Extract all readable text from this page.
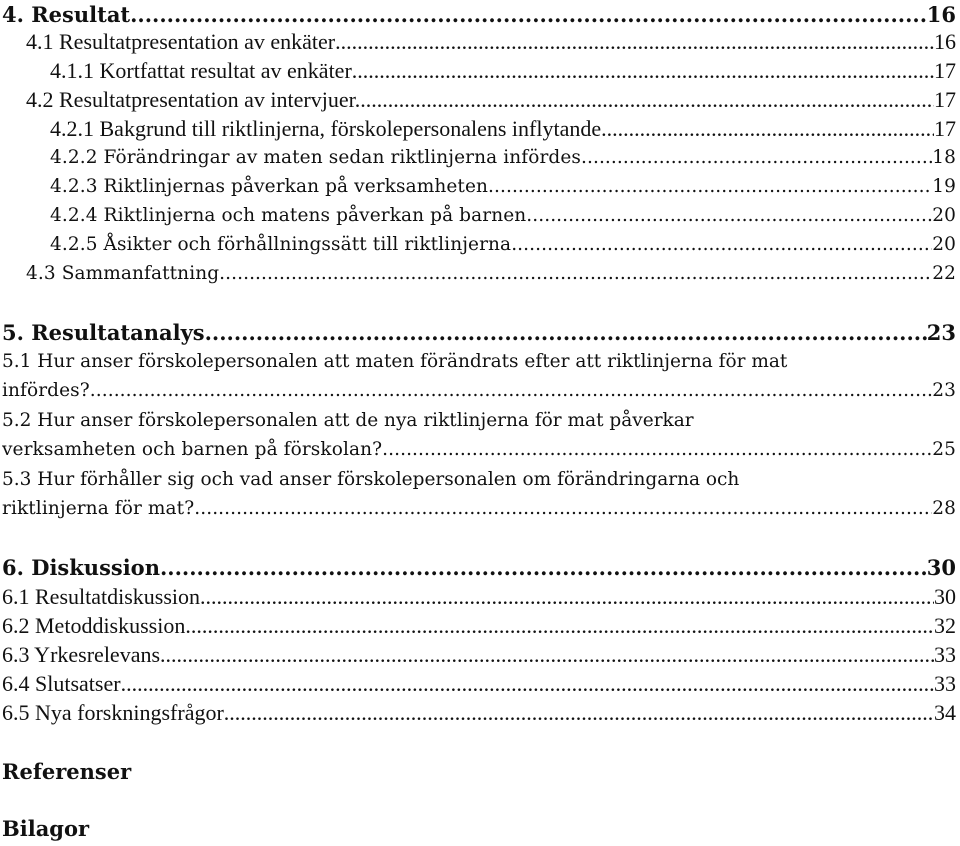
4. Resultat .....	16
4.1 Resultatpresentation av enkäter .....	16
4.1.1 Kortfattat resultat av enkäter .....	17
4.2 Resultatpresentation av intervjuer. .....	17
4.2.1 Bakgrund till riktlinjerna, förskolepersonalens inflytande .....	17
4.2.2 Förändringar av maten sedan riktlinjerna infördes .....	18
4.2.3 Riktlinjernas påverkan på verksamheten .....	19
4.2.4 Riktlinjerna och matens påverkan på barnen .....	20
4.2.5 Åsikter och förhållningssätt till riktlinjerna .....	20
4.3 Sammanfattning .....	22
5. Resultatanalys .....	23
5.1 Hur anser förskolepersonalen att maten förändrats efter att riktlinjerna för mat
infördes? .....	23
5.2 Hur anser förskolepersonalen att de nya riktlinjerna för mat påverkar
verksamheten och barnen på förskolan? .....	25
5.3 Hur förhåller sig och vad anser förskolepersonalen om förändringarna och
riktlinjerna för mat? .....	28
6. Diskussion .....	30
6.1 Resultatdiskussion .....	30
6.2 Metoddiskussion .....	32
6.3 Yrkesrelevans .....	33
6.4 Slutsatser .....	33
6.5 Nya forskningsfrågor .....	34
Referenser
Bilagor
